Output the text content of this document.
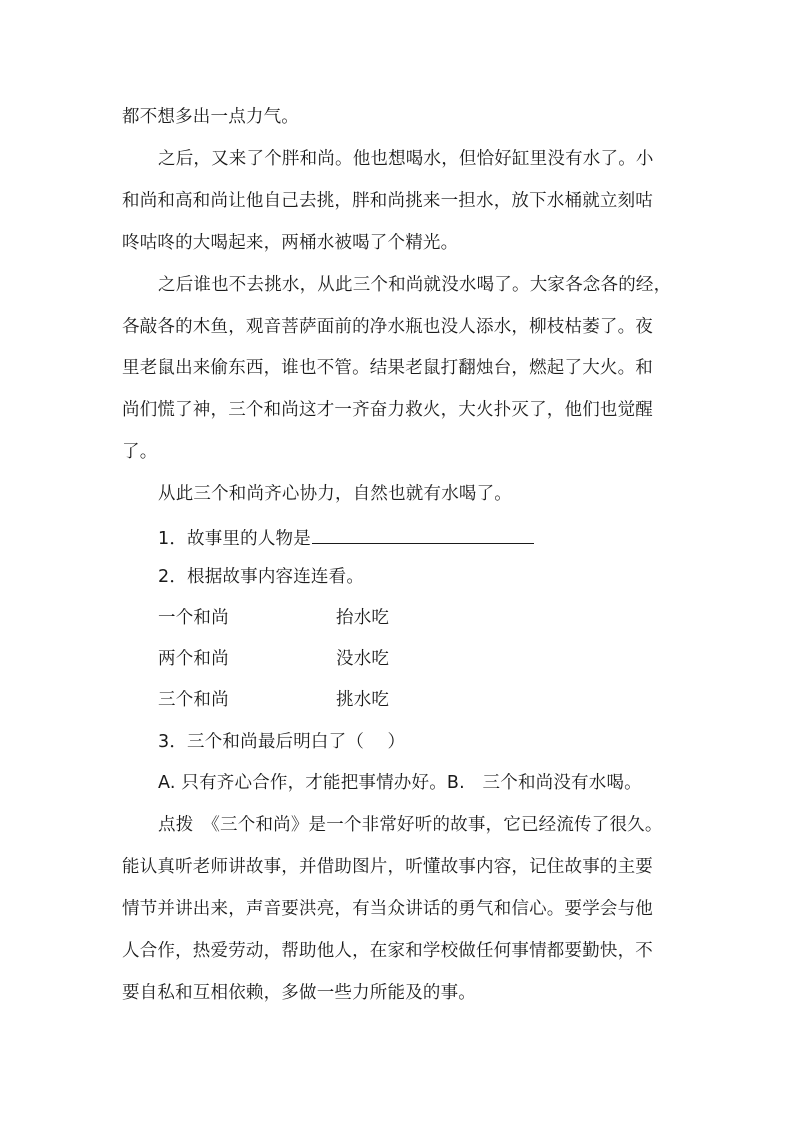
都不想多出一点力气。
之后，又来了个胖和尚。他也想喝水，但恰好缸里没有水了。小
和尚和高和尚让他自己去挑，胖和尚挑来一担水，放下水桶就立刻咕
咚咕咚的大喝起来，两桶水被喝了个精光。
之后谁也不去挑水，从此三个和尚就没水喝了。大家各念各的经，
各敲各的木鱼，观音菩萨面前的净水瓶也没人添水，柳枝枯萎了。夜
里老鼠出来偷东西，谁也不管。结果老鼠打翻烛台，燃起了大火。和
尚们慌了神，三个和尚这才一齐奋力救火，大火扑灭了，他们也觉醒
了。
从此三个和尚齐心协力，自然也就有水喝了。
1．故事里的人物是
2．根据故事内容连连看。
一个和尚	抬水吃
两个和尚	没水吃
三个和尚	挑水吃
3．三个和尚最后明白了（　 ）
A. 只有齐心合作，才能把事情办好。B.　三个和尚没有水喝。
点拨　《三个和尚》是一个非常好听的故事，它已经流传了很久。
能认真听老师讲故事，并借助图片，听懂故事内容，记住故事的主要
情节并讲出来，声音要洪亮，有当众讲话的勇气和信心。要学会与他
人合作，热爱劳动，帮助他人，在家和学校做任何事情都要勤快，不
要自私和互相依赖，多做一些力所能及的事。
